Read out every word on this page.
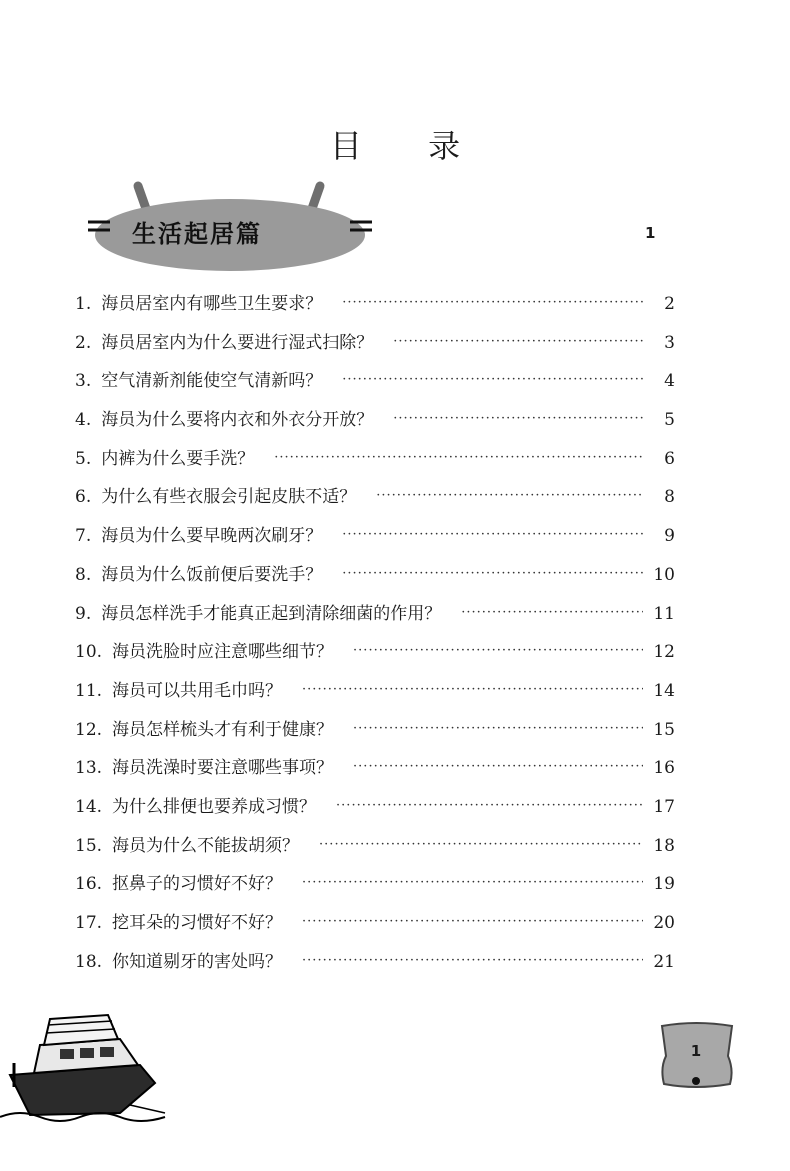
目 录
生活起居篇	1
1. 海员居室内有哪些卫生要求？ ·····	2
2. 海员居室内为什么要进行湿式扫除？ ·····	3
3. 空气清新剂能使空气清新吗？ ·····	4
4. 海员为什么要将内衣和外衣分开放？ ·····	5
5. 内裤为什么要手洗？ ·····	6
6. 为什么有些衣服会引起皮肤不适？ ·····	8
7. 海员为什么要早晚两次刷牙？ ·····	9
8. 海员为什么饭前便后要洗手？ ·····	10
9. 海员怎样洗手才能真正起到清除细菌的作用？ ·····	11
10. 海员洗脸时应注意哪些细节？ ·····	12
11. 海员可以共用毛巾吗？ ·····	14
12. 海员怎样梳头才有利于健康？ ·····	15
13. 海员洗澡时要注意哪些事项？ ·····	16
14. 为什么排便也要养成习惯？ ·····	17
15. 海员为什么不能拔胡须？ ·····	18
16. 抠鼻子的习惯好不好？ ·····	19
17. 挖耳朵的习惯好不好？ ·····	20
18. 你知道剔牙的害处吗？ ·····	21
1
